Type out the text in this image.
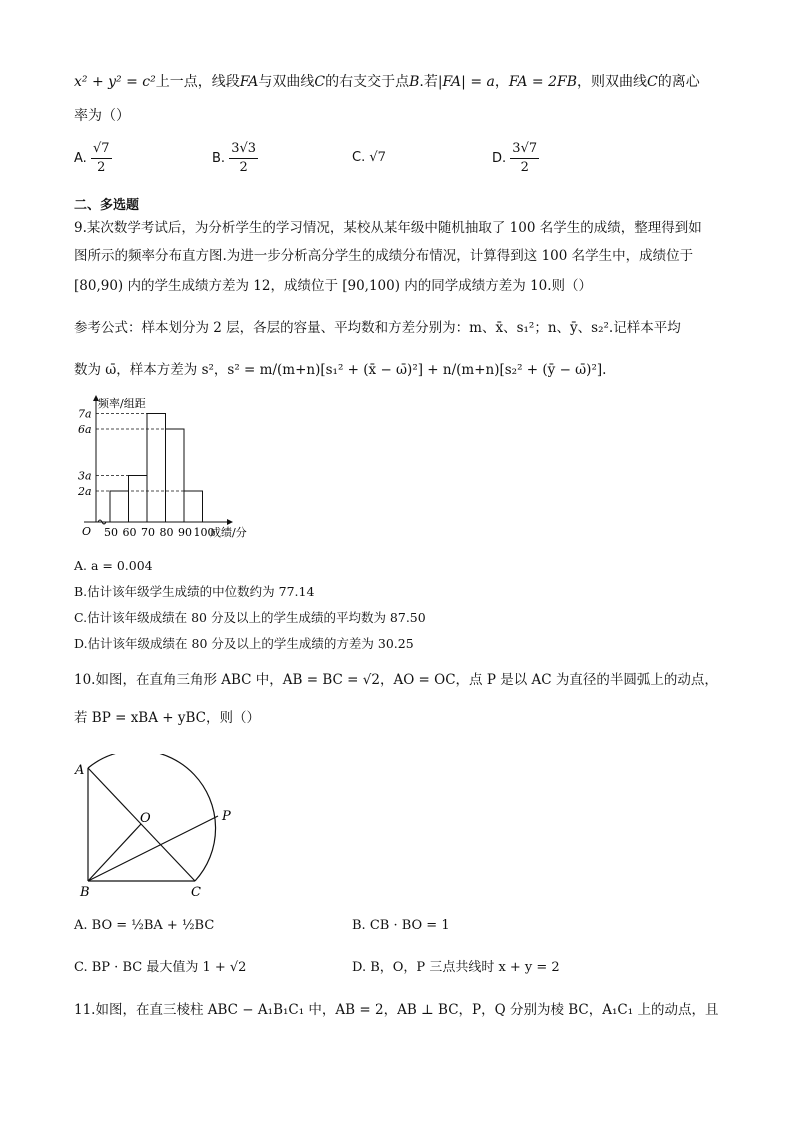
x² + y² = c²上一点，线段FA与双曲线C的右支交于点B.若|FA| = a，FA = 2FB，则双曲线C的离心
率为（）
A. $\frac{√7}{2}$	B. $\frac{3√3}{2}$	C. √7	D. $\frac{3√7}{2}$
二、多选题
9.某次数学考试后，为分析学生的学习情况，某校从某年级中随机抽取了 100 名学生的成绩，整理得到如
图所示的频率分布直方图.为进一步分析高分学生的成绩分布情况，计算得到这 100 名学生中，成绩位于
[80,90) 内的学生成绩方差为 12，成绩位于 [90,100) 内的同学成绩方差为 10.则（）
参考公式：样本划分为 2 层，各层的容量、平均数和方差分别为：m、x̄、s₁²；n、ȳ、s₂².记样本平均
数为 ω̄，样本方差为 s²，s² = m/(m+n)[s₁² + (x̄ − ω̄)²] + n/(m+n)[s₂² + (ȳ − ω̄)²].
2a
3a
6a
7a
50 60 70 80 90 100
频率/组距
成绩/分
O
A. a = 0.004
B.估计该年级学生成绩的中位数约为 77.14
C.估计该年级成绩在 80 分及以上的学生成绩的平均数为 87.50
D.估计该年级成绩在 80 分及以上的学生成绩的方差为 30.25
10.如图，在直角三角形 ABC 中，AB = BC = √2，AO = OC，点 P 是以 AC 为直径的半圆弧上的动点，
若 BP = xBA + yBC，则（）
A
B	C
O	P
A. BO = ½BA + ½BC	B. CB · BO = 1
C. BP · BC 最大值为 1 + √2	D. B，O，P 三点共线时 x + y = 2
11.如图，在直三棱柱 ABC − A₁B₁C₁ 中，AB = 2，AB ⊥ BC，P，Q 分别为棱 BC，A₁C₁ 上的动点，且
